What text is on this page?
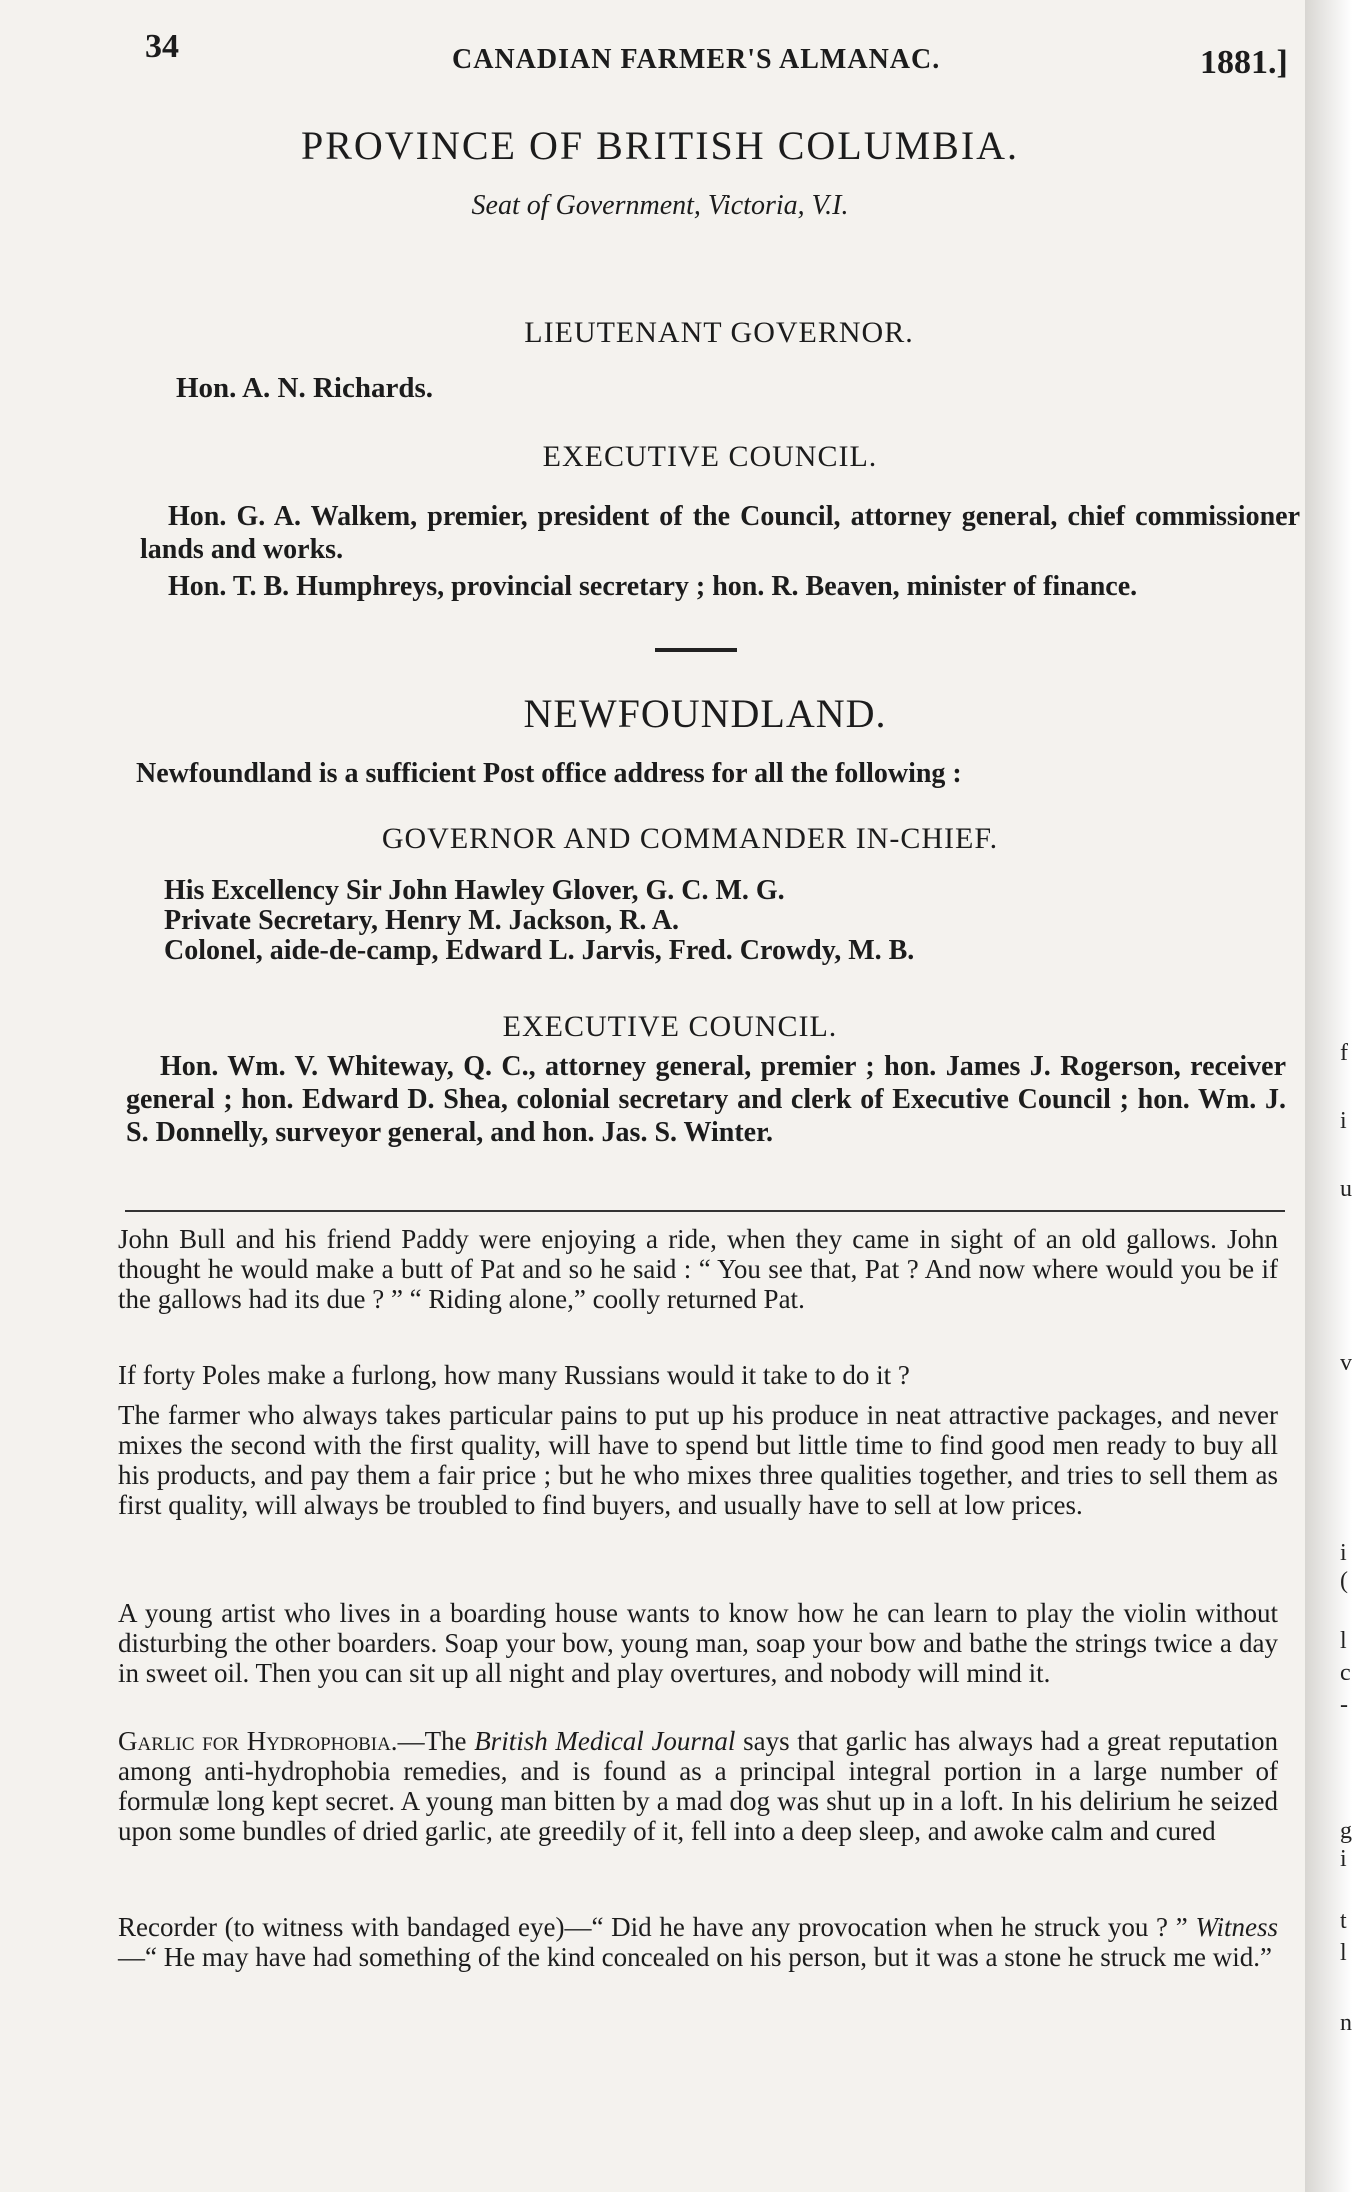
34	CANADIAN FARMER'S ALMANAC.	1881.]
PROVINCE OF BRITISH COLUMBIA.
Seat of Government, Victoria, V.I.
LIEUTENANT GOVERNOR.
Hon. A. N. Richards.
EXECUTIVE COUNCIL.
Hon. G. A. Walkem, premier, president of the Council, attorney general, chief commissioner lands and works.
Hon. T. B. Humphreys, provincial secretary ; hon. R. Beaven, minister of finance.
NEWFOUNDLAND.
Newfoundland is a sufficient Post office address for all the following :
GOVERNOR AND COMMANDER IN-CHIEF.
His Excellency Sir John Hawley Glover, G. C. M. G.
Private Secretary, Henry M. Jackson, R. A.
Colonel, aide-de-camp, Edward L. Jarvis, Fred. Crowdy, M. B.
EXECUTIVE COUNCIL.
Hon. Wm. V. Whiteway, Q. C., attorney general, premier ; hon. James J. Rogerson, receiver general ; hon. Edward D. Shea, colonial secretary and clerk of Executive Council ; hon. Wm. J. S. Donnelly, surveyor general, and hon. Jas. S. Winter.
John Bull and his friend Paddy were enjoying a ride, when they came in sight of an old gallows. John thought he would make a butt of Pat and so he said : “ You see that, Pat ? And now where would you be if the gallows had its due ? ” “ Riding alone,” coolly returned Pat.
If forty Poles make a furlong, how many Russians would it take to do it ?
The farmer who always takes particular pains to put up his produce in neat attractive packages, and never mixes the second with the first quality, will have to spend but little time to find good men ready to buy all his products, and pay them a fair price ; but he who mixes three qualities together, and tries to sell them as first quality, will always be troubled to find buyers, and usually have to sell at low prices.
A young artist who lives in a boarding house wants to know how he can learn to play the violin without disturbing the other boarders. Soap your bow, young man, soap your bow and bathe the strings twice a day in sweet oil. Then you can sit up all night and play overtures, and nobody will mind it.
Garlic for Hydrophobia.—The British Medical Journal says that garlic has always had a great reputation among anti-hydrophobia remedies, and is found as a principal integral portion in a large number of formulæ long kept secret. A young man bitten by a mad dog was shut up in a loft. In his delirium he seized upon some bundles of dried garlic, ate greedily of it, fell into a deep sleep, and awoke calm and cured
Recorder (to witness with bandaged eye)—“ Did he have any provocation when he struck you ? ” Witness—“ He may have had something of the kind concealed on his person, but it was a stone he struck me wid.”
f
i
u
v
i
(
l
c
-
g
i
t
l
n
